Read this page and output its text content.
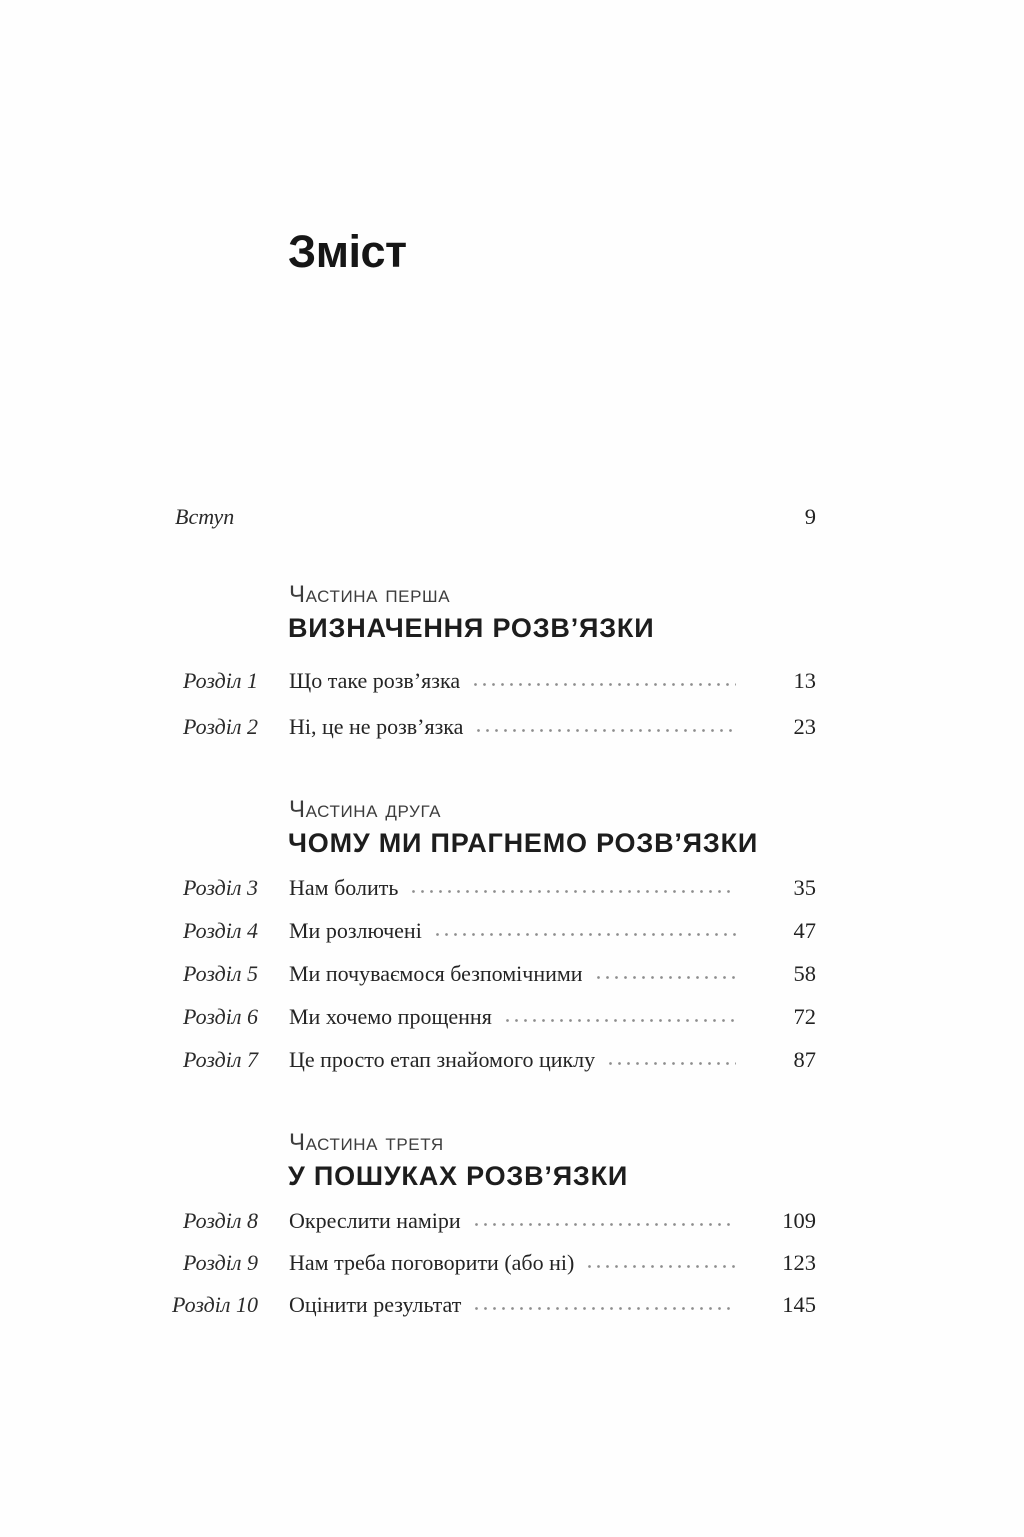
Зміст
Вступ	9
Частина перша
ВИЗНАЧЕННЯ РОЗВ’ЯЗКИ
Розділ 1 Що таке розв’язка	13
Розділ 2 Ні, це не розв’язка	23
Частина друга
ЧОМУ МИ ПРАГНЕМО РОЗВ’ЯЗКИ
Розділ 3 Нам болить	35
Розділ 4 Ми розлючені	47
Розділ 5 Ми почуваємося безпомічними	58
Розділ 6 Ми хочемо прощення	72
Розділ 7 Це просто етап знайомого циклу	87
Частина третя
У ПОШУКАХ РОЗВ’ЯЗКИ
Розділ 8 Окреслити наміри	109
Розділ 9 Нам треба поговорити (або ні)	123
Розділ 10 Оцінити результат	145
